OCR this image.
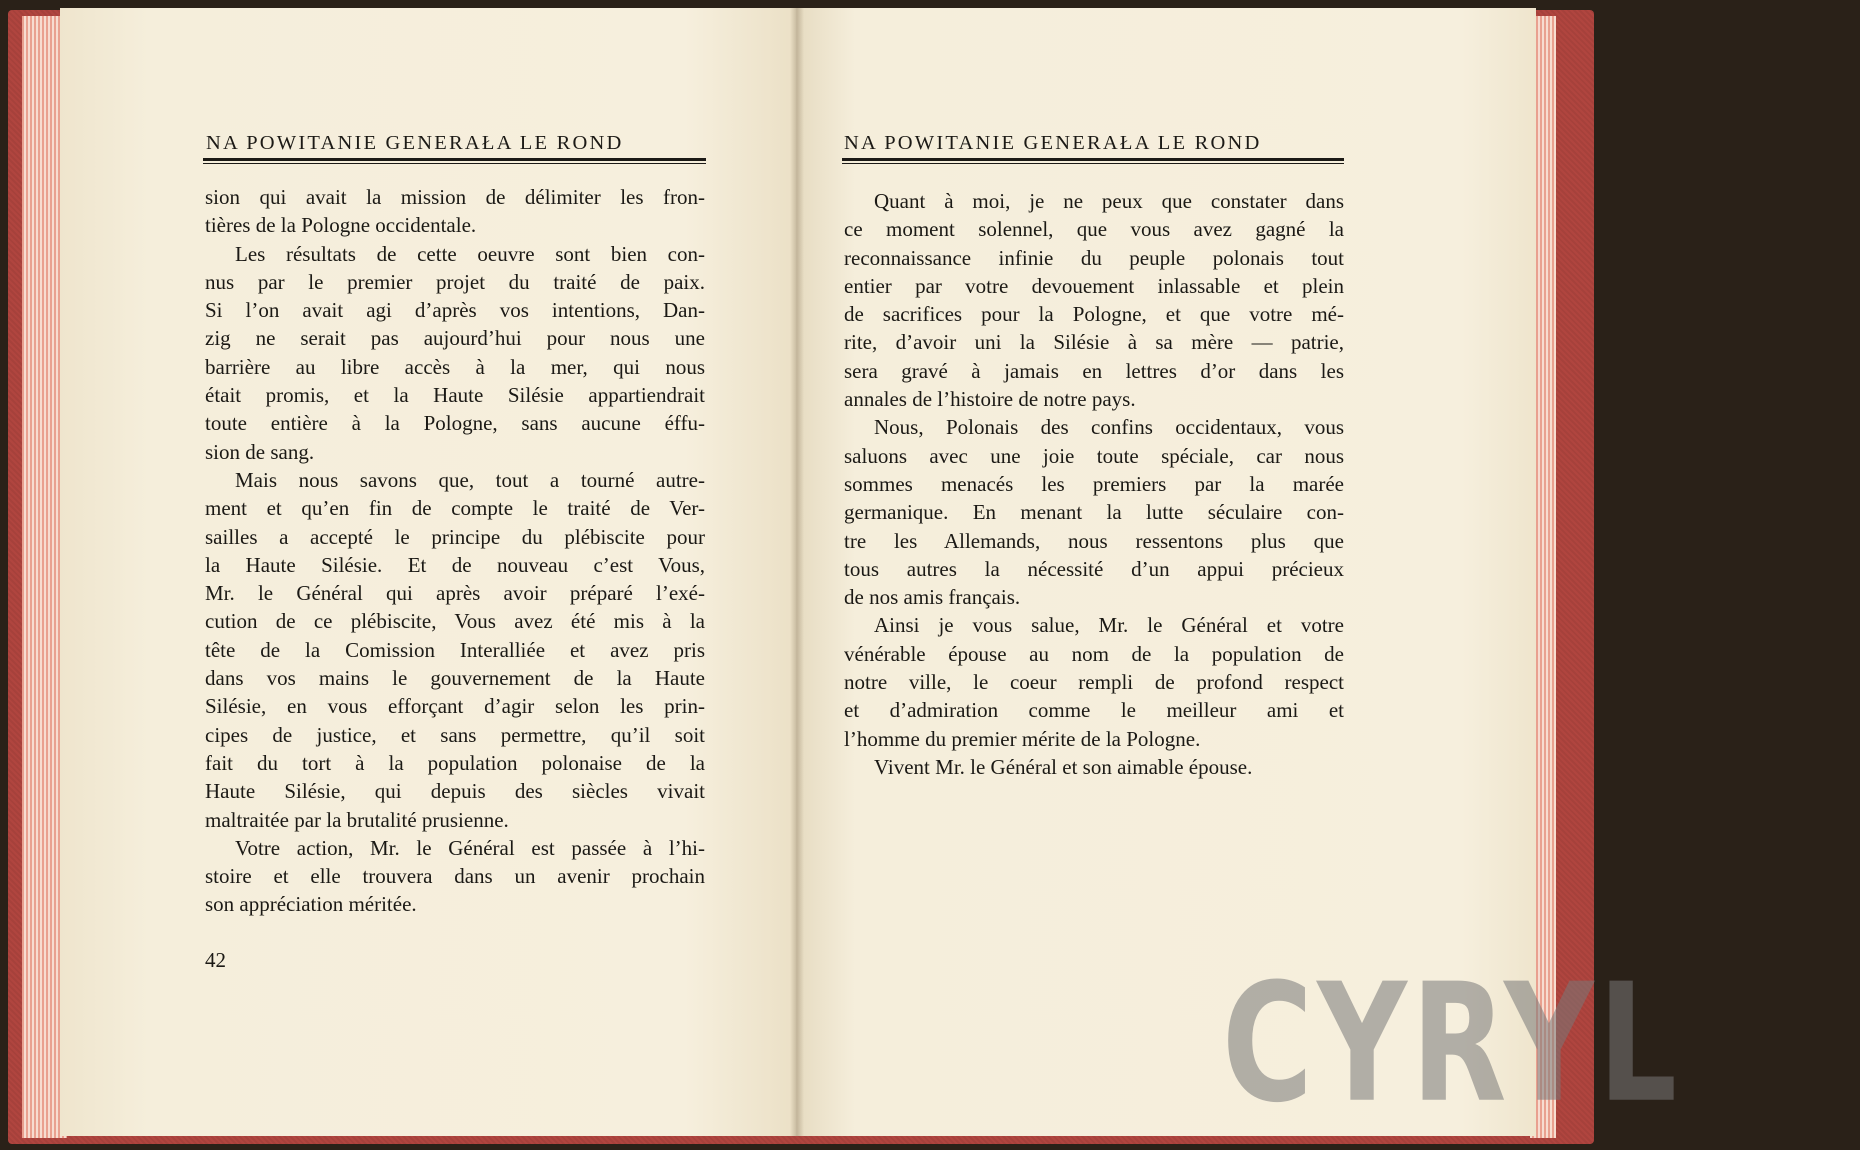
NA POWITANIE GENERAŁA LE ROND
sion qui avait la mission de délimiter les fron-
tières de la Pologne occidentale.
Les résultats de cette oeuvre sont bien con-
nus par le premier projet du traité de paix.
Si l’on avait agi d’après vos intentions, Dan-
zig ne serait pas aujourd’hui pour nous une
barrière au libre accès à la mer, qui nous
était promis, et la Haute Silésie appartiendrait
toute entière à la Pologne, sans aucune éffu-
sion de sang.
Mais nous savons que, tout a tourné autre-
ment et qu’en fin de compte le traité de Ver-
sailles a accepté le principe du plébiscite pour
la Haute Silésie. Et de nouveau c’est Vous,
Mr. le Général qui après avoir préparé l’exé-
cution de ce plébiscite, Vous avez été mis à la
tête de la Comission Interalliée et avez pris
dans vos mains le gouvernement de la Haute
Silésie, en vous efforçant d’agir selon les prin-
cipes de justice, et sans permettre, qu’il soit
fait du tort à la population polonaise de la
Haute Silésie, qui depuis des siècles vivait
maltraitée par la brutalité prusienne.
Votre action, Mr. le Général est passée à l’hi-
stoire et elle trouvera dans un avenir prochain
son appréciation méritée.
42
NA POWITANIE GENERAŁA LE ROND
Quant à moi, je ne peux que constater dans
ce moment solennel, que vous avez gagné la
reconnaissance infinie du peuple polonais tout
entier par votre devouement inlassable et plein
de sacrifices pour la Pologne, et que votre mé-
rite, d’avoir uni la Silésie à sa mère — patrie,
sera gravé à jamais en lettres d’or dans les
annales de l’histoire de notre pays.
Nous, Polonais des confins occidentaux, vous
saluons avec une joie toute spéciale, car nous
sommes menacés les premiers par la marée
germanique. En menant la lutte séculaire con-
tre les Allemands, nous ressentons plus que
tous autres la nécessité d’un appui précieux
de nos amis français.
Ainsi je vous salue, Mr. le Général et votre
vénérable épouse au nom de la population de
notre ville, le coeur rempli de profond respect
et d’admiration comme le meilleur ami et
l’homme du premier mérite de la Pologne.
Vivent Mr. le Général et son aimable épouse.
CYRYL
